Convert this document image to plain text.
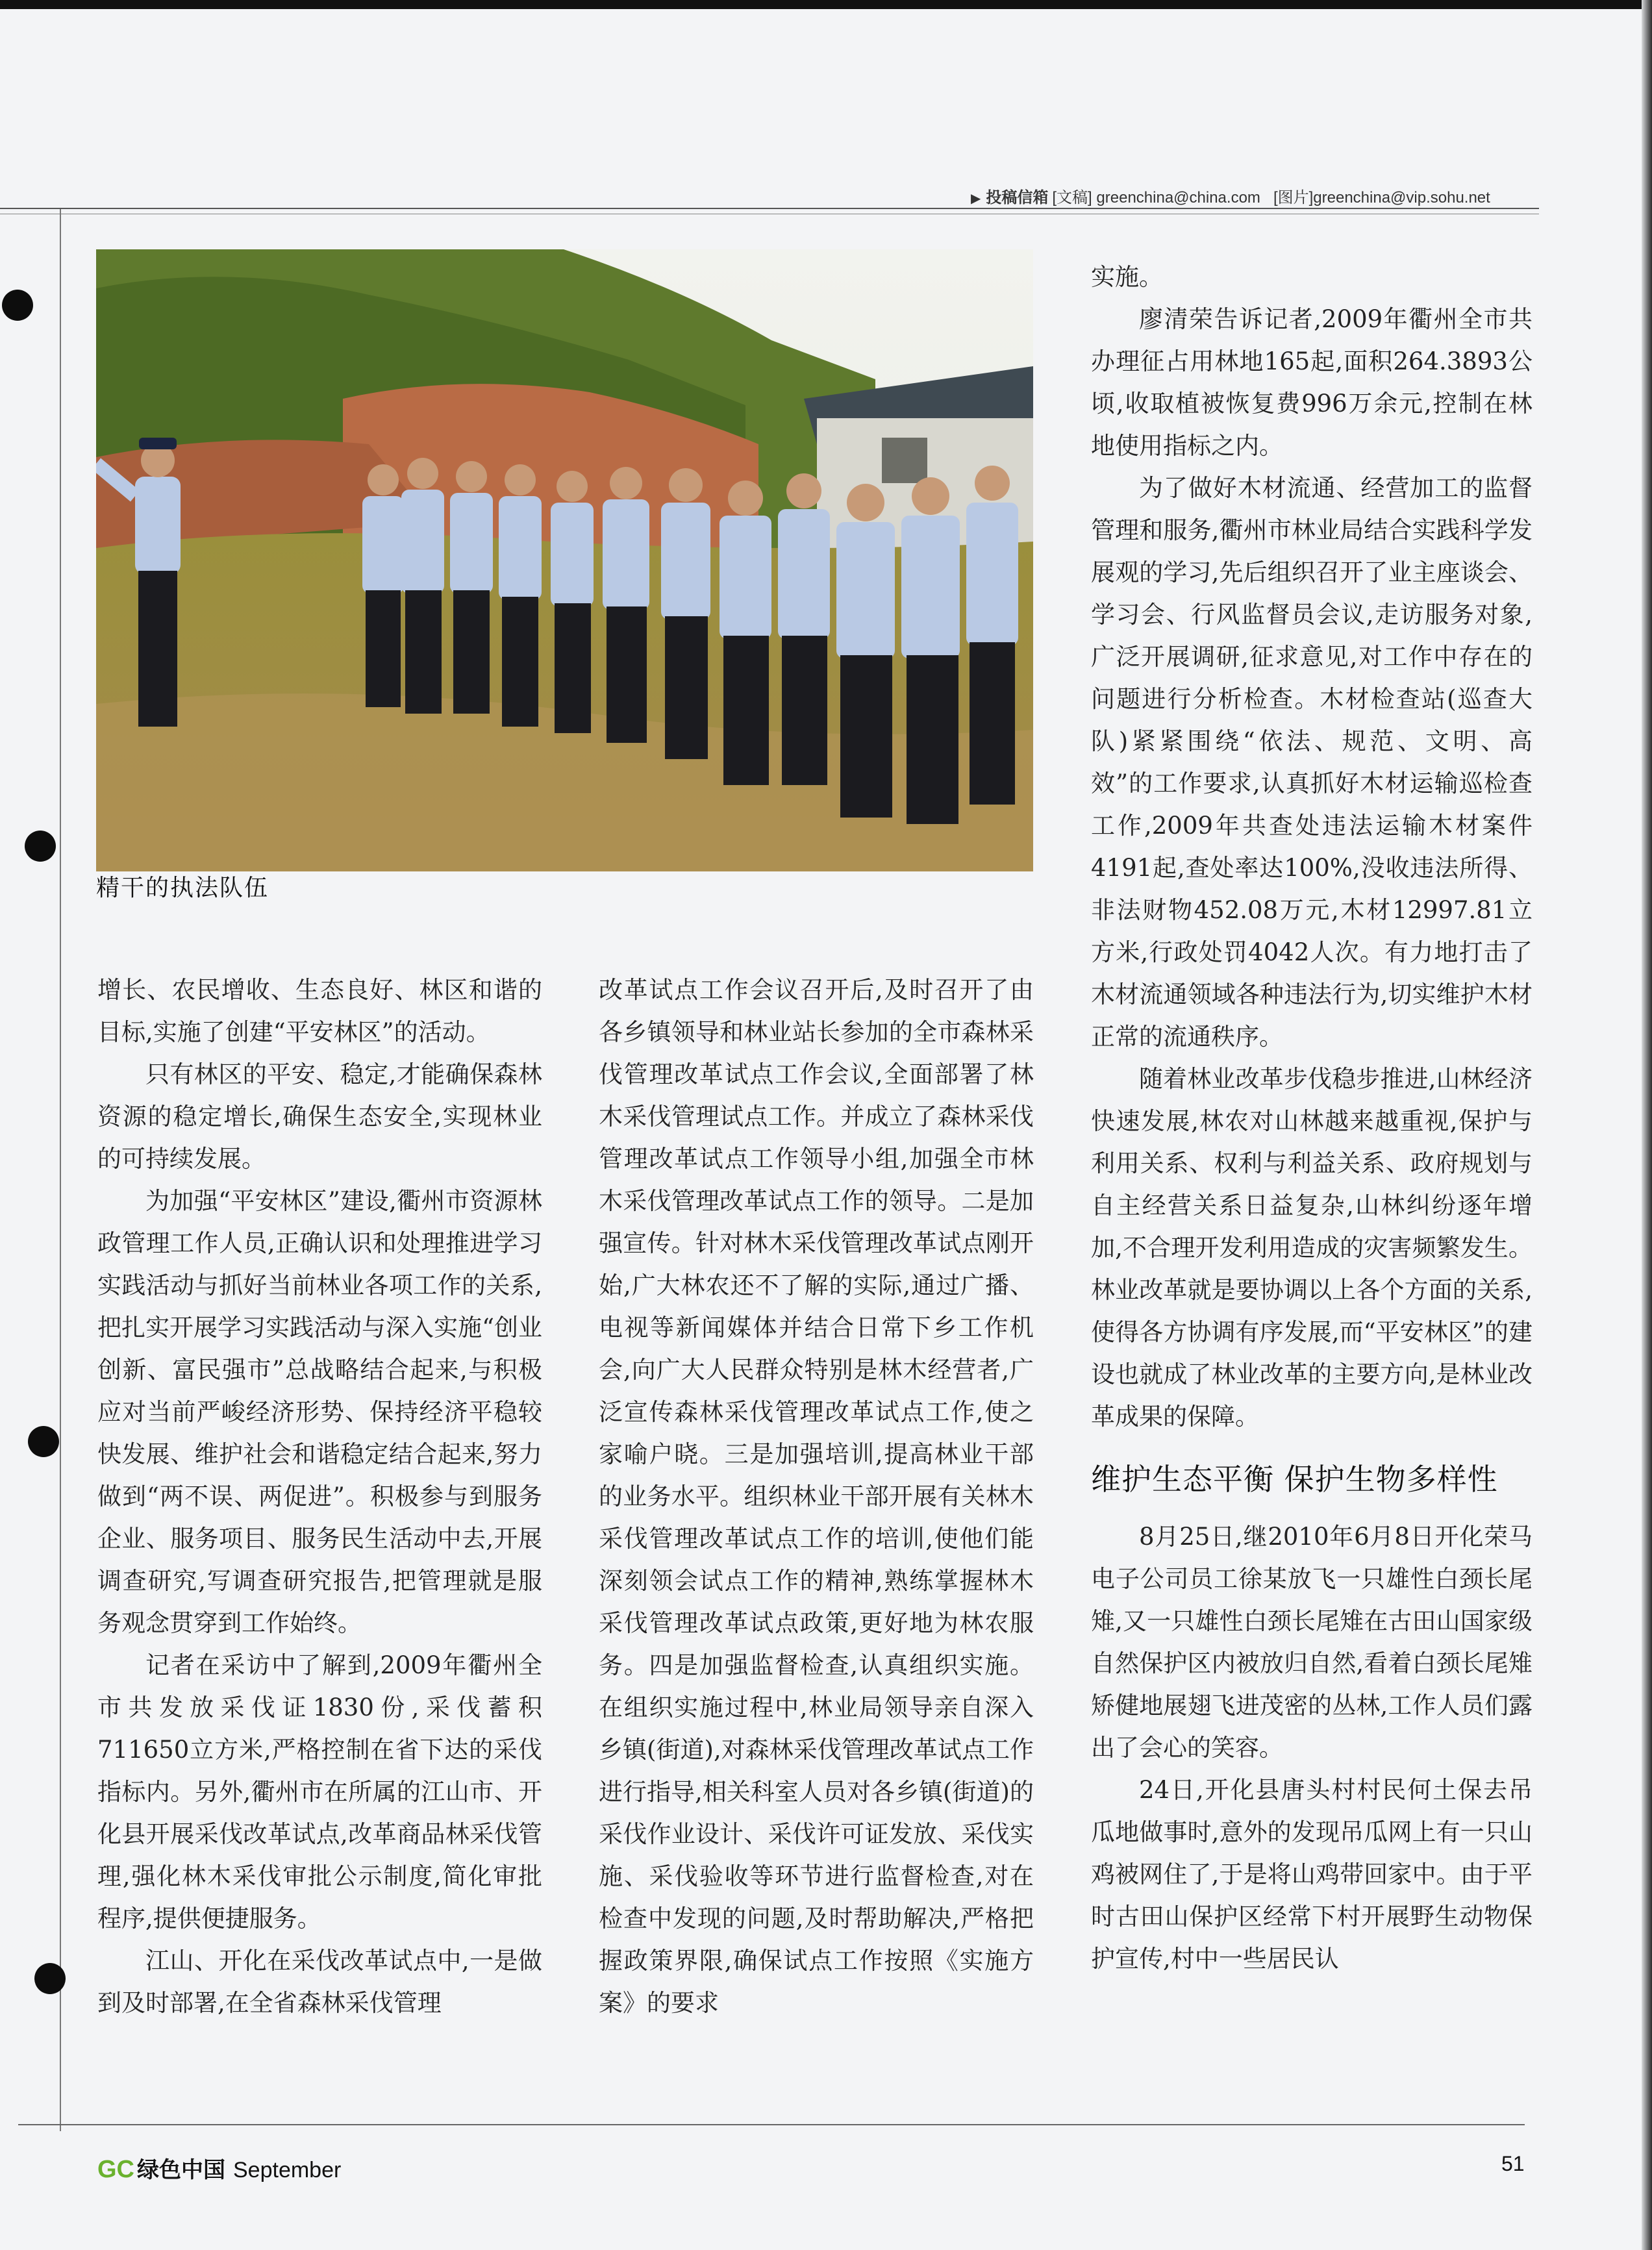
▶ 投稿信箱 [文稿] greenchina@china.com [图片]greenchina@vip.sohu.net
精干的执法队伍

增长、农民增收、生态良好、林区和谐的目标,实施了创建“平安林区”的活动。

只有林区的平安、稳定,才能确保森林资源的稳定增长,确保生态安全,实现林业的可持续发展。

为加强“平安林区”建设,衢州市资源林政管理工作人员,正确认识和处理推进学习实践活动与抓好当前林业各项工作的关系,把扎实开展学习实践活动与深入实施“创业创新、富民强市”总战略结合起来,与积极应对当前严峻经济形势、保持经济平稳较快发展、维护社会和谐稳定结合起来,努力做到“两不误、两促进”。积极参与到服务企业、服务项目、服务民生活动中去,开展调查研究,写调查研究报告,把管理就是服务观念贯穿到工作始终。

记者在采访中了解到,2009年衢州全市共发放采伐证1830份,采伐蓄积711650立方米,严格控制在省下达的采伐指标内。另外,衢州市在所属的江山市、开化县开展采伐改革试点,改革商品林采伐管理,强化林木采伐审批公示制度,简化审批程序,提供便捷服务。

江山、开化在采伐改革试点中,一是做到及时部署,在全省森林采伐管理

改革试点工作会议召开后,及时召开了由各乡镇领导和林业站长参加的全市森林采伐管理改革试点工作会议,全面部署了林木采伐管理试点工作。并成立了森林采伐管理改革试点工作领导小组,加强全市林木采伐管理改革试点工作的领导。二是加强宣传。针对林木采伐管理改革试点刚开始,广大林农还不了解的实际,通过广播、电视等新闻媒体并结合日常下乡工作机会,向广大人民群众特别是林木经营者,广泛宣传森林采伐管理改革试点工作,使之家喻户晓。三是加强培训,提高林业干部的业务水平。组织林业干部开展有关林木采伐管理改革试点工作的培训,使他们能深刻领会试点工作的精神,熟练掌握林木采伐管理改革试点政策,更好地为林农服务。四是加强监督检查,认真组织实施。在组织实施过程中,林业局领导亲自深入乡镇(街道),对森林采伐管理改革试点工作进行指导,相关科室人员对各乡镇(街道)的采伐作业设计、采伐许可证发放、采伐实施、采伐验收等环节进行监督检查,对在检查中发现的问题,及时帮助解决,严格把握政策界限,确保试点工作按照《实施方案》的要求

实施。

廖清荣告诉记者,2009年衢州全市共办理征占用林地165起,面积264.3893公顷,收取植被恢复费996万余元,控制在林地使用指标之内。

为了做好木材流通、经营加工的监督管理和服务,衢州市林业局结合实践科学发展观的学习,先后组织召开了业主座谈会、学习会、行风监督员会议,走访服务对象,广泛开展调研,征求意见,对工作中存在的问题进行分析检查。木材检查站(巡查大队)紧紧围绕“依法、规范、文明、高效”的工作要求,认真抓好木材运输巡检查工作,2009年共查处违法运输木材案件4191起,查处率达100%,没收违法所得、非法财物452.08万元,木材12997.81立方米,行政处罚4042人次。有力地打击了木材流通领域各种违法行为,切实维护木材正常的流通秩序。

随着林业改革步伐稳步推进,山林经济快速发展,林农对山林越来越重视,保护与利用关系、权利与利益关系、政府规划与自主经营关系日益复杂,山林纠纷逐年增加,不合理开发利用造成的灾害频繁发生。林业改革就是要协调以上各个方面的关系,使得各方协调有序发展,而“平安林区”的建设也就成了林业改革的主要方向,是林业改革成果的保障。

维护生态平衡 保护生物多样性

8月25日,继2010年6月8日开化荣马电子公司员工徐某放飞一只雄性白颈长尾雉,又一只雄性白颈长尾雉在古田山国家级自然保护区内被放归自然,看着白颈长尾雉矫健地展翅飞进茂密的丛林,工作人员们露出了会心的笑容。

24日,开化县唐头村村民何土保去吊瓜地做事时,意外的发现吊瓜网上有一只山鸡被网住了,于是将山鸡带回家中。由于平时古田山保护区经常下村开展野生动物保护宣传,村中一些居民认

GC 绿色中国 September	51
